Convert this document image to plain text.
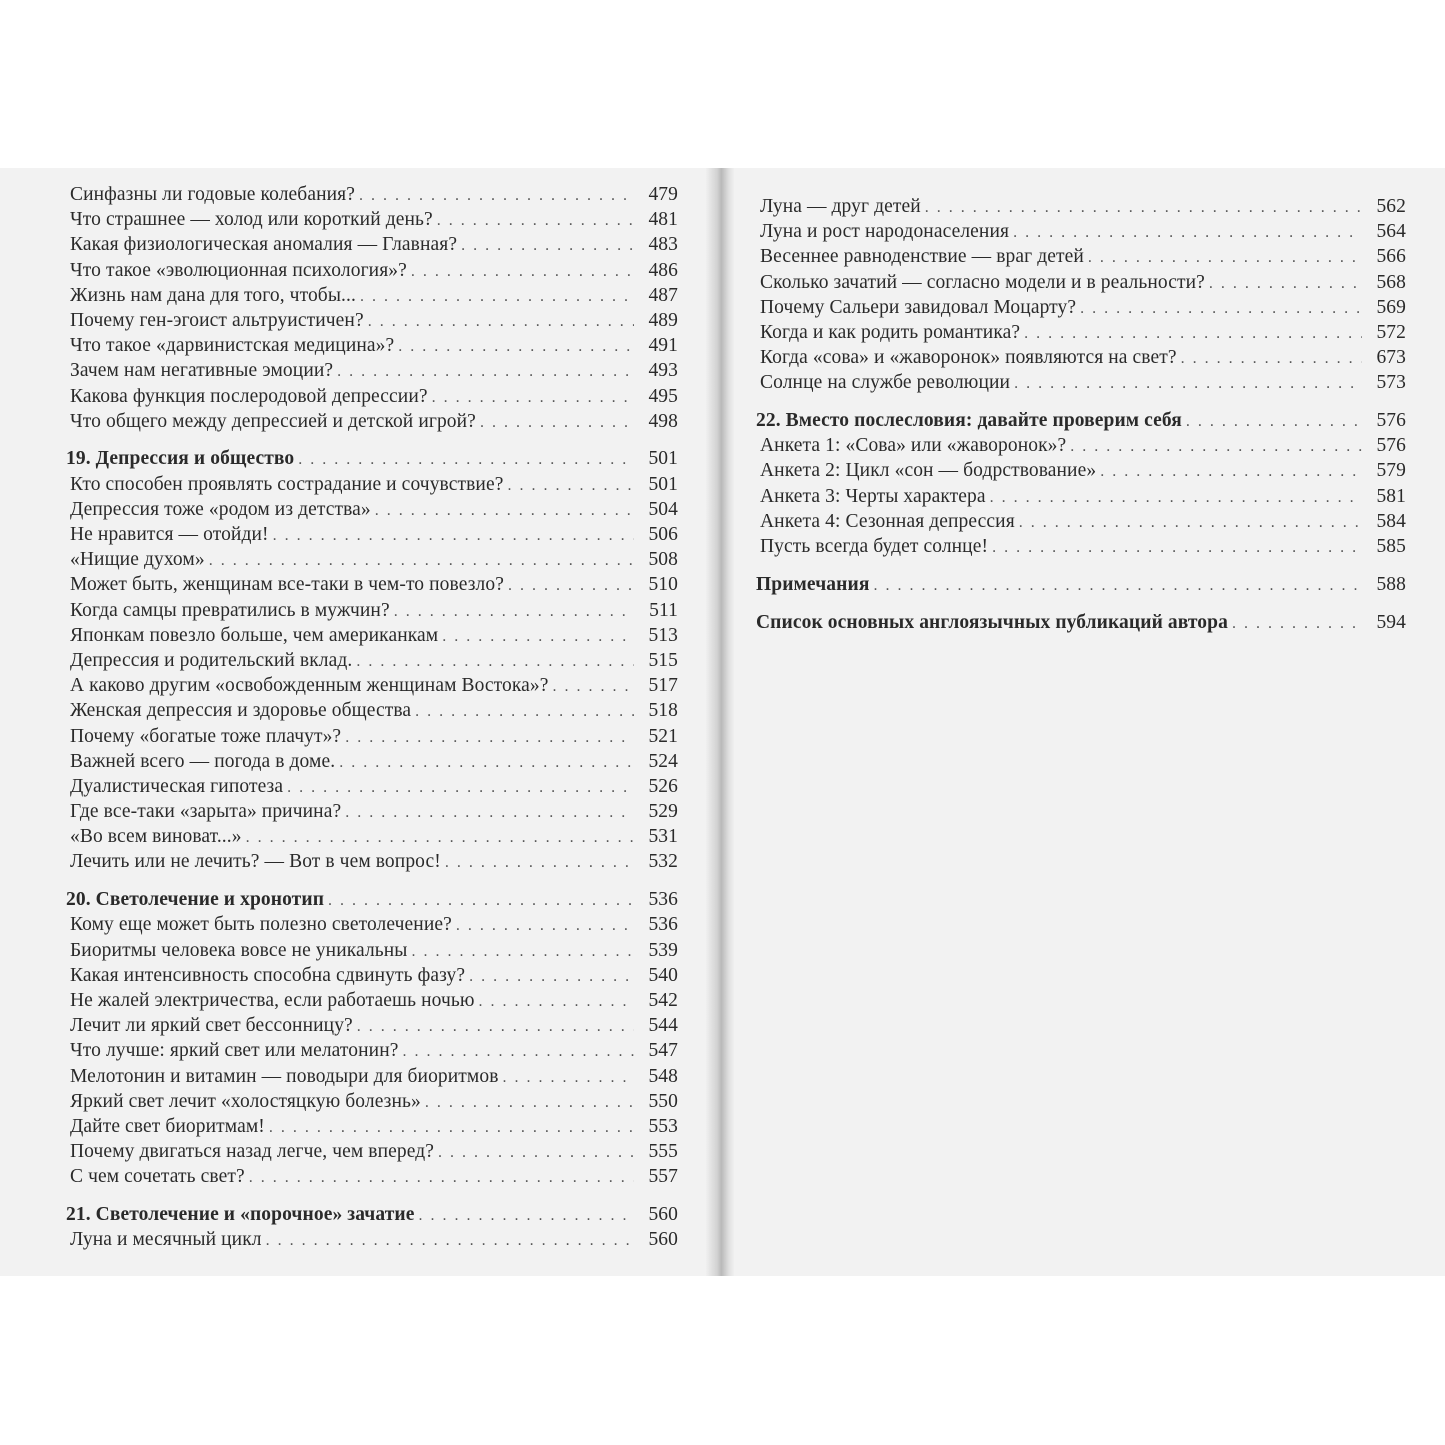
Синфазны ли годовые колебания? . . .	479
Что страшнее — холод или короткий день? . . .	481
Какая физиологическая аномалия — Главная? . . .	483
Что такое «эволюционная психология»? . . .	486
Жизнь нам дана для того, чтобы... . . .	487
Почему ген-эгоист альтруистичен? . . .	489
Что такое «дарвинистская медицина»? . . .	491
Зачем нам негативные эмоции? . . .	493
Какова функция послеродовой депрессии? . . .	495
Что общего между депрессией и детской игрой? . . .	498
19. Депрессия и общество . . .	501
Кто способен проявлять сострадание и сочувствие? . . .	501
Депрессия тоже «родом из детства» . . .	504
Не нравится — отойди! . . .	506
«Нищие духом» . . .	508
Может быть, женщинам все-таки в чем-то повезло? . . .	510
Когда самцы превратились в мужчин? . . .	511
Японкам повезло больше, чем американкам . . .	513
Депрессия и родительский вклад. . . .	515
А каково другим «освобожденным женщинам Востока»? . . .	517
Женская депрессия и здоровье общества . . .	518
Почему «богатые тоже плачут»? . . .	521
Важней всего — погода в доме. . . .	524
Дуалистическая гипотеза . . .	526
Где все-таки «зарыта» причина? . . .	529
«Во всем виноват...» . . .	531
Лечить или не лечить? — Вот в чем вопрос! . . .	532
20. Светолечение и хронотип . . .	536
Кому еще может быть полезно светолечение? . . .	536
Биоритмы человека вовсе не уникальны . . .	539
Какая интенсивность способна сдвинуть фазу? . . .	540
Не жалей электричества, если работаешь ночью . . .	542
Лечит ли яркий свет бессонницу? . . .	544
Что лучше: яркий свет или мелатонин? . . .	547
Мелотонин и витамин — поводыри для биоритмов . . .	548
Яркий свет лечит «холостяцкую болезнь» . . .	550
Дайте свет биоритмам! . . .	553
Почему двигаться назад легче, чем вперед? . . .	555
С чем сочетать свет? . . .	557
21. Светолечение и «порочное» зачатие . . .	560
Луна и месячный цикл . . .	560
Луна — друг детей . . .	562
Луна и рост народонаселения . . .	564
Весеннее равноденствие — враг детей . . .	566
Сколько зачатий — согласно модели и в реальности? . . .	568
Почему Сальери завидовал Моцарту? . . .	569
Когда и как родить романтика? . . .	572
Когда «сова» и «жаворонок» появляются на свет? . . .	673
Солнце на службе революции . . .	573
22. Вместо послесловия: давайте проверим себя . . .	576
Анкета 1: «Сова» или «жаворонок»? . . .	576
Анкета 2: Цикл «сон — бодрствование» . . .	579
Анкета 3: Черты характера . . .	581
Анкета 4: Сезонная депрессия . . .	584
Пусть всегда будет солнце! . . .	585
Примечания . . .	588
Список основных англоязычных публикаций автора . . .	594
